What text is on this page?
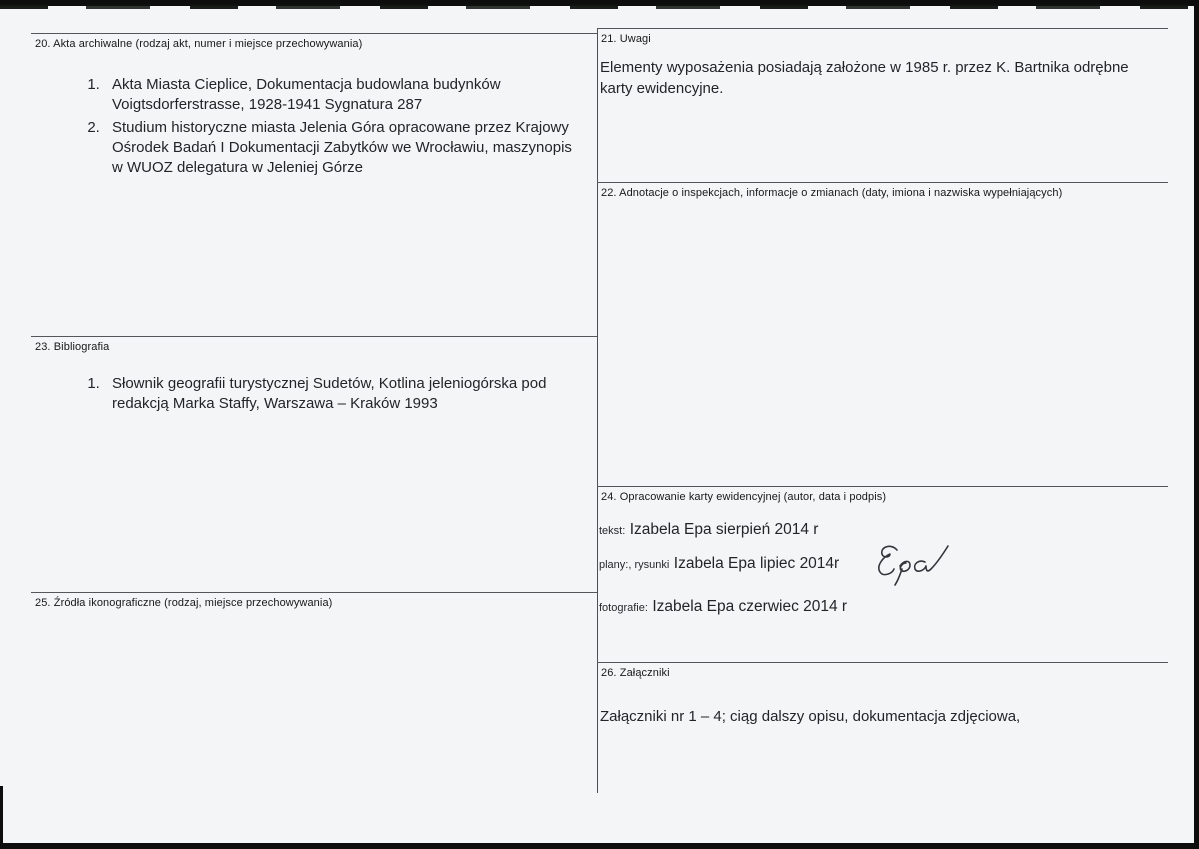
20. Akta archiwalne (rodzaj akt, numer i miejsce przechowywania)
1. Akta Miasta Cieplice, Dokumentacja budowlana budynków Voigtsdorferstrasse, 1928-1941 Sygnatura 287
2. Studium historyczne miasta Jelenia Góra opracowane przez Krajowy Ośrodek Badań I Dokumentacji Zabytków we Wrocławiu, maszynopis w WUOZ delegatura w Jeleniej Górze
23. Bibliografia
1. Słownik geografii turystycznej Sudetów, Kotlina jeleniogórska pod redakcją Marka Staffy, Warszawa – Kraków 1993
25. Źródła ikonograficzne (rodzaj, miejsce przechowywania)
21. Uwagi
Elementy wyposażenia posiadają założone w 1985 r. przez K. Bartnika odrębne karty ewidencyjne.
22. Adnotacje o inspekcjach, informacje o zmianach (daty, imiona i nazwiska wypełniających)
24. Opracowanie karty ewidencyjnej (autor, data i podpis)
tekst: Izabela Epa sierpień 2014 r
plany:, rysunki Izabela Epa lipiec 2014r
fotografie: Izabela Epa czerwiec 2014 r
26. Załączniki
Załączniki nr 1 – 4; ciąg dalszy opisu, dokumentacja zdjęciowa,
